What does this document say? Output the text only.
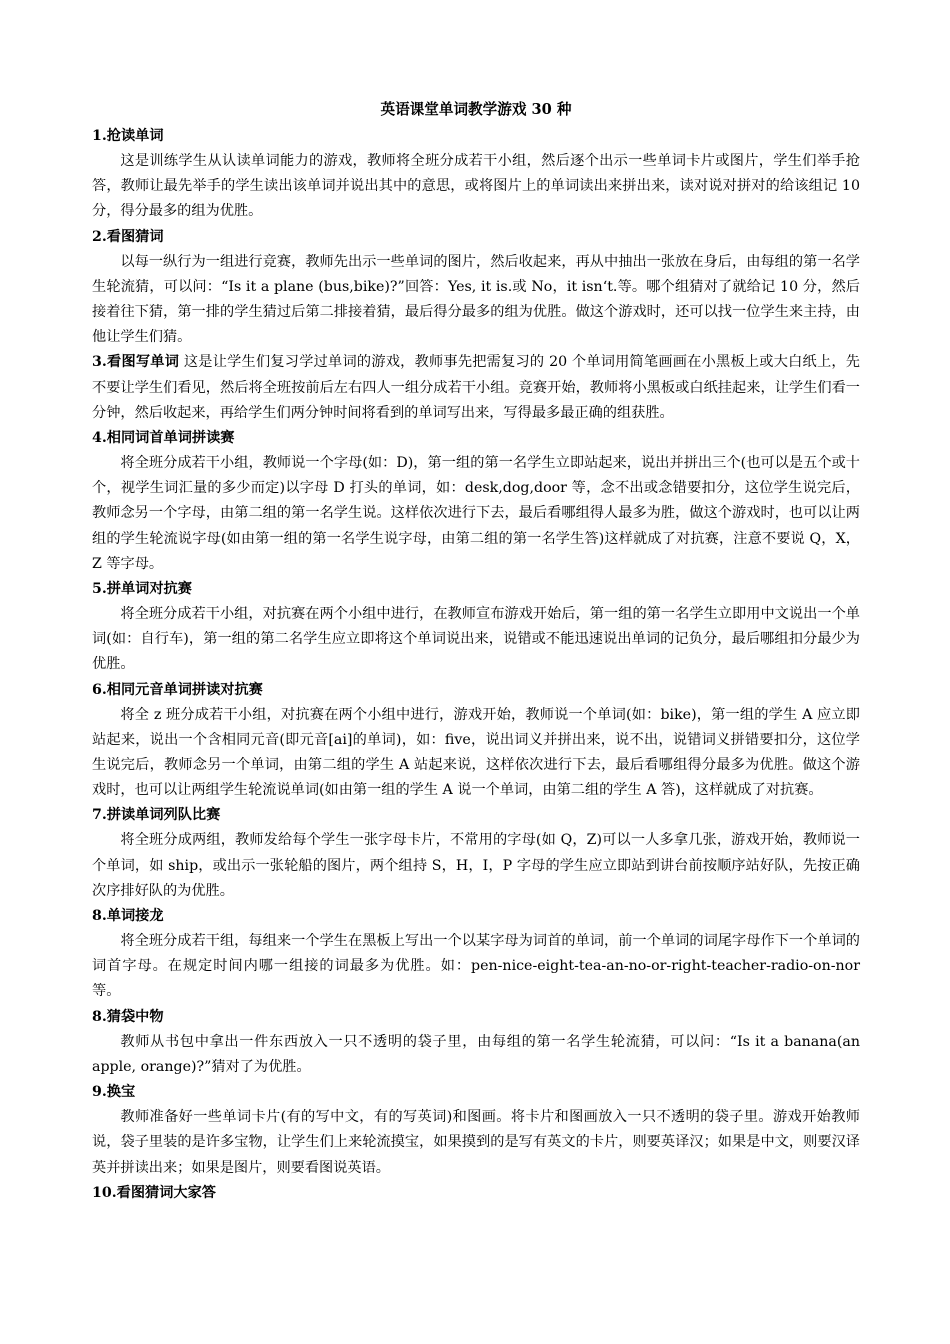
英语课堂单词教学游戏 30 种

1.抢读单词

这是训练学生从认读单词能力的游戏，教师将全班分成若干小组，然后逐个出示一些单词卡片或图片，学生们举手抢答，教师让最先举手的学生读出该单词并说出其中的意思，或将图片上的单词读出来拼出来，读对说对拼对的给该组记 10 分，得分最多的组为优胜。

2.看图猜词

以每一纵行为一组进行竞赛，教师先出示一些单词的图片，然后收起来，再从中抽出一张放在身后，由每组的第一名学生轮流猜，可以问：“Is it a plane (bus,bike)?”回答：Yes, it is.或 No，it isn‘t.等。哪个组猜对了就给记 10 分，然后接着往下猜，第一排的学生猜过后第二排接着猜，最后得分最多的组为优胜。做这个游戏时，还可以找一位学生来主持，由他让学生们猜。

3.看图写单词 这是让学生们复习学过单词的游戏，教师事先把需复习的 20 个单词用简笔画画在小黑板上或大白纸上，先不要让学生们看见，然后将全班按前后左右四人一组分成若干小组。竞赛开始，教师将小黑板或白纸挂起来，让学生们看一分钟，然后收起来，再给学生们两分钟时间将看到的单词写出来，写得最多最正确的组获胜。

4.相同词首单词拼读赛

将全班分成若干小组，教师说一个字母(如：D)，第一组的第一名学生立即站起来，说出并拼出三个(也可以是五个或十个，视学生词汇量的多少而定)以字母 D 打头的单词，如：desk,dog,door 等，念不出或念错要扣分，这位学生说完后，教师念另一个字母，由第二组的第一名学生说。这样依次进行下去，最后看哪组得人最多为胜，做这个游戏时，也可以让两组的学生轮流说字母(如由第一组的第一名学生说字母，由第二组的第一名学生答)这样就成了对抗赛，注意不要说 Q，X，Z 等字母。

5.拼单词对抗赛

将全班分成若干小组，对抗赛在两个小组中进行，在教师宣布游戏开始后，第一组的第一名学生立即用中文说出一个单词(如：自行车)，第一组的第二名学生应立即将这个单词说出来，说错或不能迅速说出单词的记负分，最后哪组扣分最少为优胜。

6.相同元音单词拼读对抗赛

将全 z 班分成若干小组，对抗赛在两个小组中进行，游戏开始，教师说一个单词(如：bike)，第一组的学生 A 应立即站起来，说出一个含相同元音(即元音[ai]的单词)，如：five，说出词义并拼出来，说不出，说错词义拼错要扣分，这位学生说完后，教师念另一个单词，由第二组的学生 A 站起来说，这样依次进行下去，最后看哪组得分最多为优胜。做这个游戏时，也可以让两组学生轮流说单词(如由第一组的学生 A 说一个单词，由第二组的学生 A 答)，这样就成了对抗赛。

7.拼读单词列队比赛

将全班分成两组，教师发给每个学生一张字母卡片，不常用的字母(如 Q，Z)可以一人多拿几张，游戏开始，教师说一个单词，如 ship，或出示一张轮船的图片，两个组持 S，H，I，P 字母的学生应立即站到讲台前按顺序站好队，先按正确次序排好队的为优胜。

8.单词接龙

将全班分成若干组，每组来一个学生在黑板上写出一个以某字母为词首的单词，前一个单词的词尾字母作下一个单词的词首字母。在规定时间内哪一组接的词最多为优胜。如：pen-nice-eight-tea-an-no-or-right-teacher-radio-on-nor 等。

8.猜袋中物

教师从书包中拿出一件东西放入一只不透明的袋子里，由每组的第一名学生轮流猜，可以问：“Is it a banana(an apple, orange)?”猜对了为优胜。

9.换宝

教师准备好一些单词卡片(有的写中文，有的写英词)和图画。将卡片和图画放入一只不透明的袋子里。游戏开始教师说，袋子里装的是许多宝物，让学生们上来轮流摸宝，如果摸到的是写有英文的卡片，则要英译汉；如果是中文，则要汉译英并拼读出来；如果是图片，则要看图说英语。

10.看图猜词大家答
